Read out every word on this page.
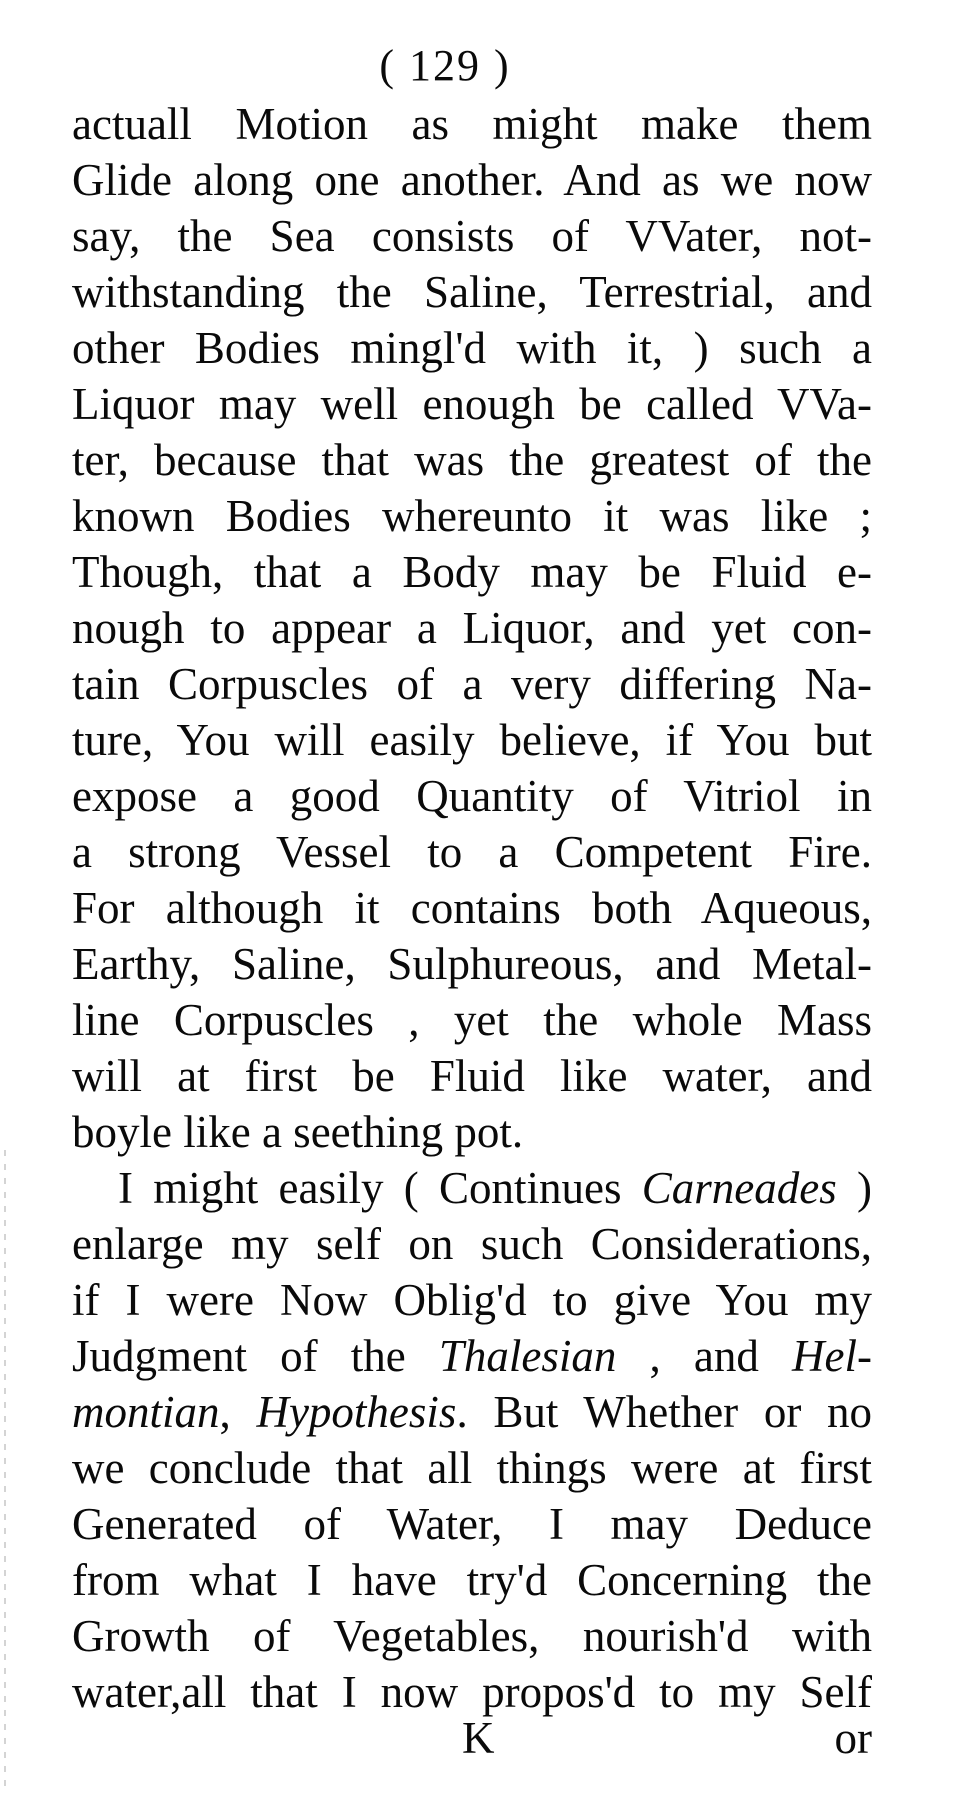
( 129 )
actuall Motion as might make them
Glide along one another. And as we now
say, the Sea consists of VVater, not-
withstanding the Saline, Terrestrial, and
other Bodies mingl'd with it, ) such a
Liquor may well enough be called VVa-
ter, because that was the greatest of the
known Bodies whereunto it was like ;
Though, that a Body may be Fluid e-
nough to appear a Liquor, and yet con-
tain Corpuscles of a very differing Na-
ture, You will easily believe, if You but
expose a good Quantity of Vitriol in
a strong Vessel to a Competent Fire.
For although it contains both Aqueous,
Earthy, Saline, Sulphureous, and Metal-
line Corpuscles , yet the whole Mass
will at first be Fluid like water, and
boyle like a seething pot.
I might easily ( Continues Carneades )
enlarge my self on such Considerations,
if I were Now Oblig'd to give You my
Judgment of the Thalesian , and Hel-
montian, Hypothesis. But Whether or no
we conclude that all things were at first
Generated of Water, I may Deduce
from what I have try'd Concerning the
Growth of Vegetables, nourish'd with
water,all that I now propos'd to my Self
K	or
